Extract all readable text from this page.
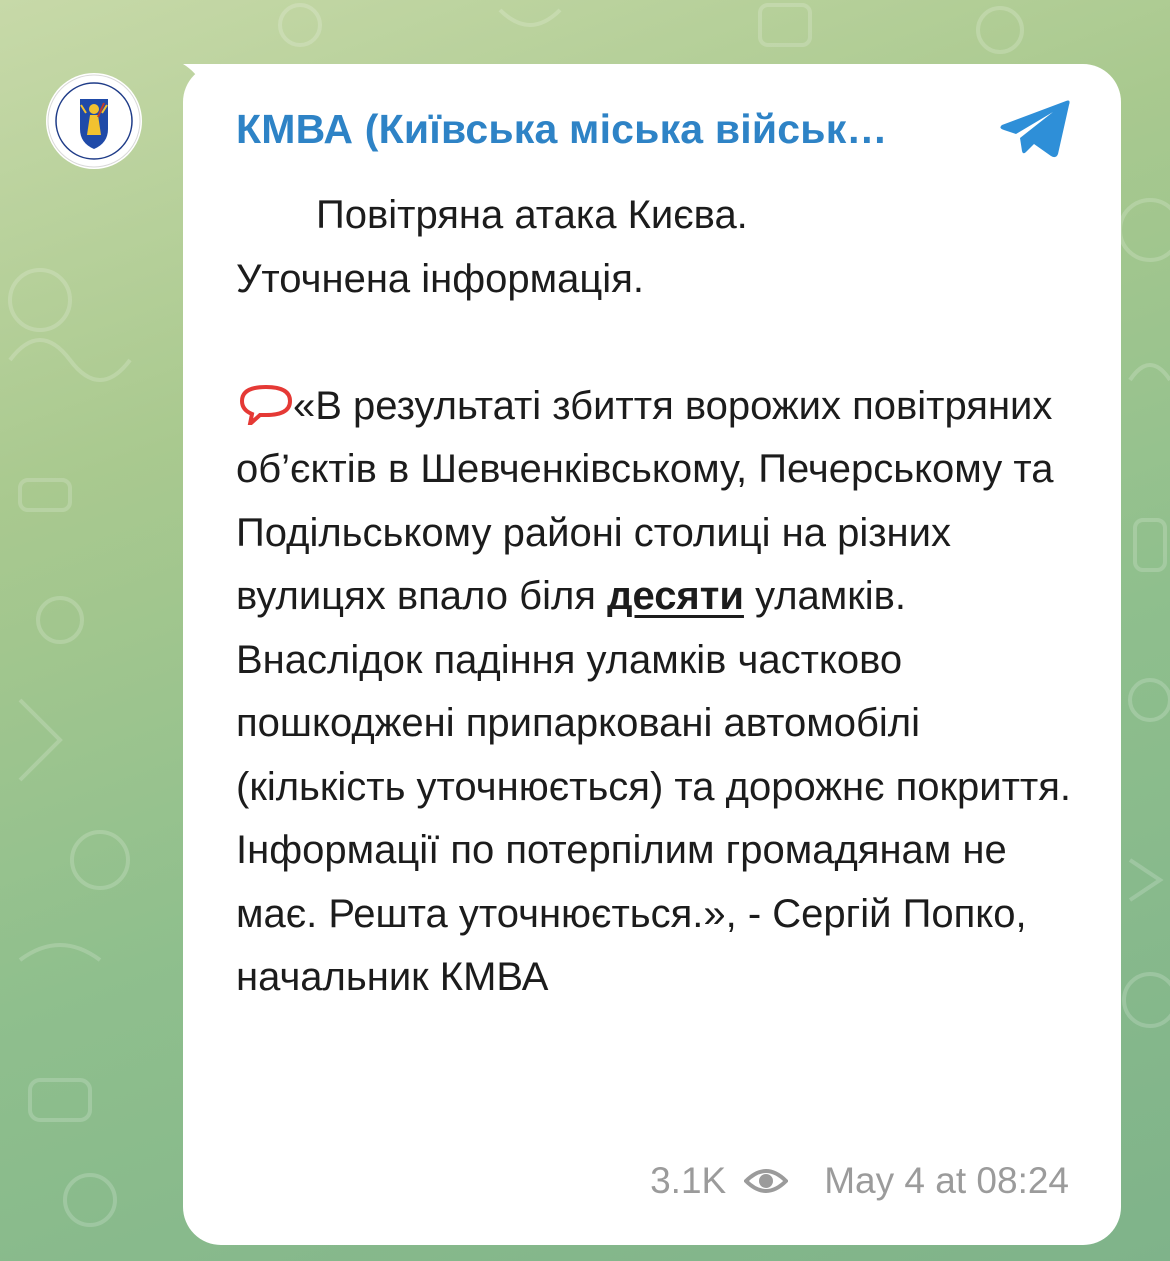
КМВА (Київська міська військ…

  Повітряна атака Києва.

Уточнена інформація.

«В результаті збиття ворожих повітряних об’єктів в Шевченківському, Печерському та Подільському районі столиці на різних вулицях впало біля десяти уламків. Внаслідок падіння уламків частково пошкоджені припарковані автомобілі (кількість уточнюється) та дорожнє покриття. Інформації по потерпілим громадянам не має. Решта уточнюється.», - Сергій Попко, начальник КМВА

3.1K	May 4 at 08:24
